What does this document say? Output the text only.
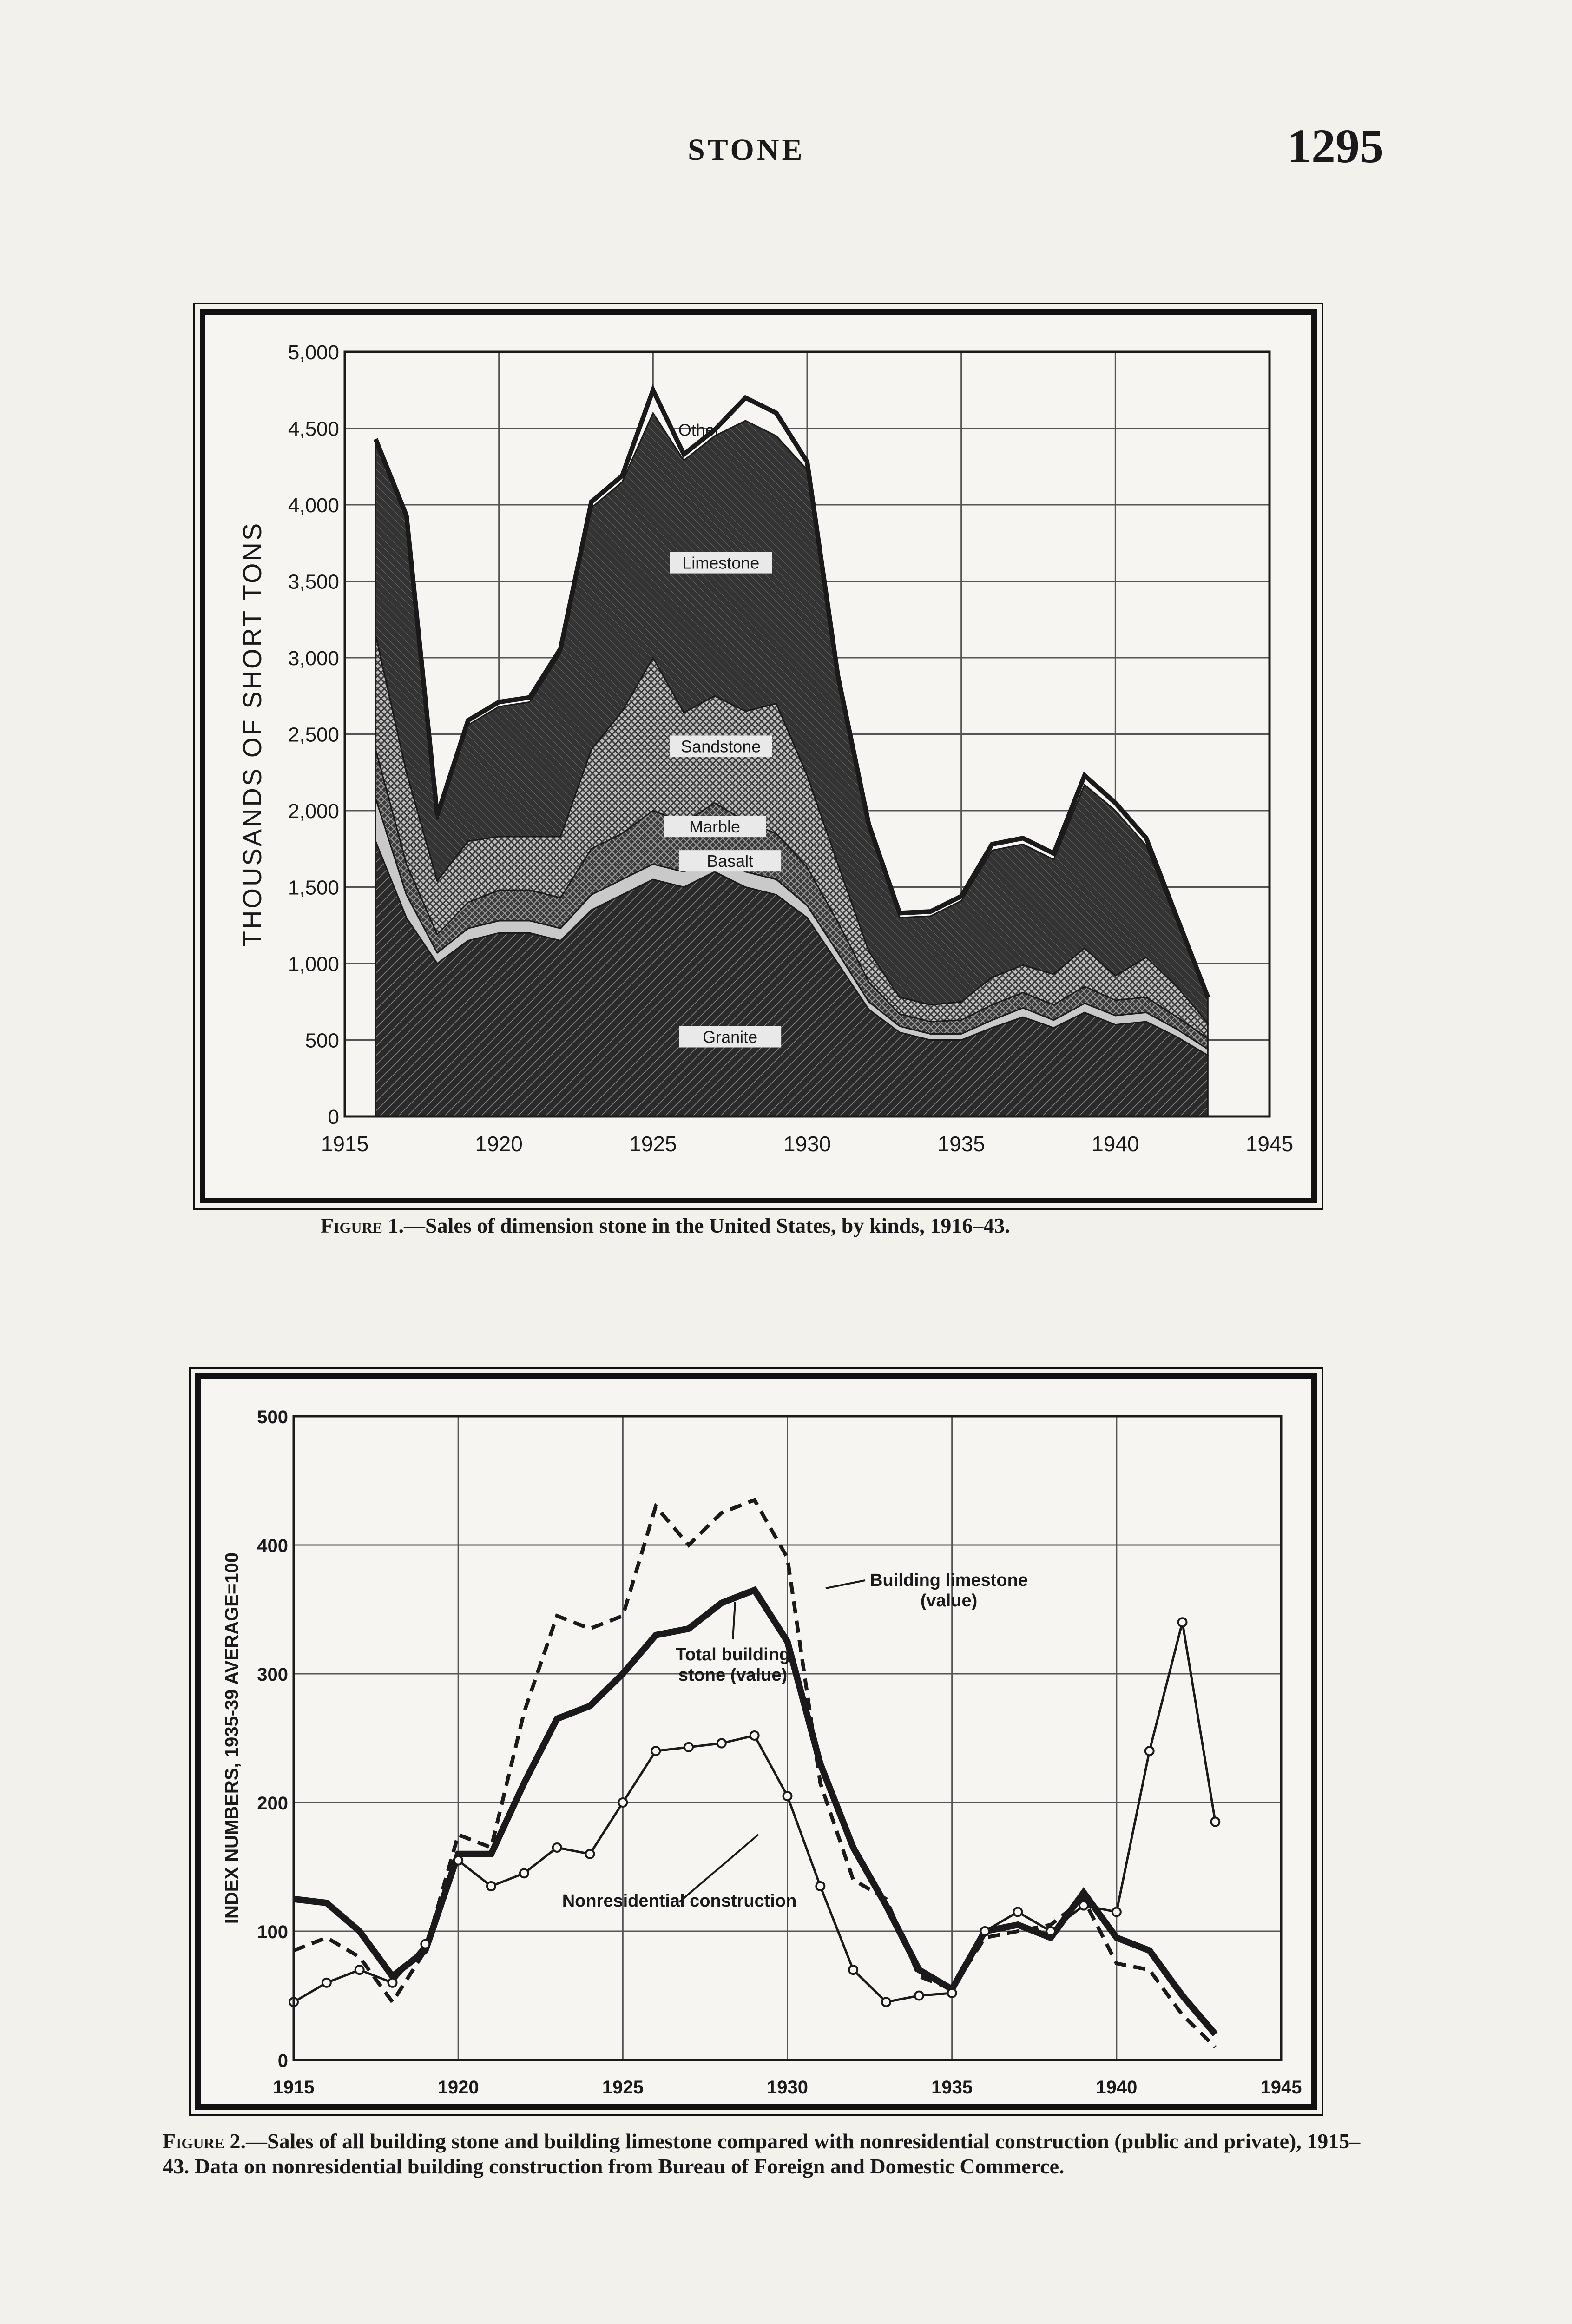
STONE	1295
1915	1920	1925	1930	1935	1940	1945
0
500
1,000
1,500
2,000
2,500
3,000
3,500
4,000
4,500
5,000
THOUSANDS OF SHORT TONS
Granite
Basalt
Marble
Sandstone
Limestone
Other
Figure 1.—Sales of dimension stone in the United States, by kinds, 1916–43.
1915	1920	1925	1930	1935	1940	1945
0
100
200
300
400
500
INDEX NUMBERS, 1935-39 AVERAGE=100	Building limestone
(value)
Total building
stone (value)
Nonresidential construction
Figure 2.—Sales of all building stone and building limestone compared with nonresidential construction (public and private), 1915–43. Data on nonresidential building construction from Bureau of Foreign and Domestic Commerce.
